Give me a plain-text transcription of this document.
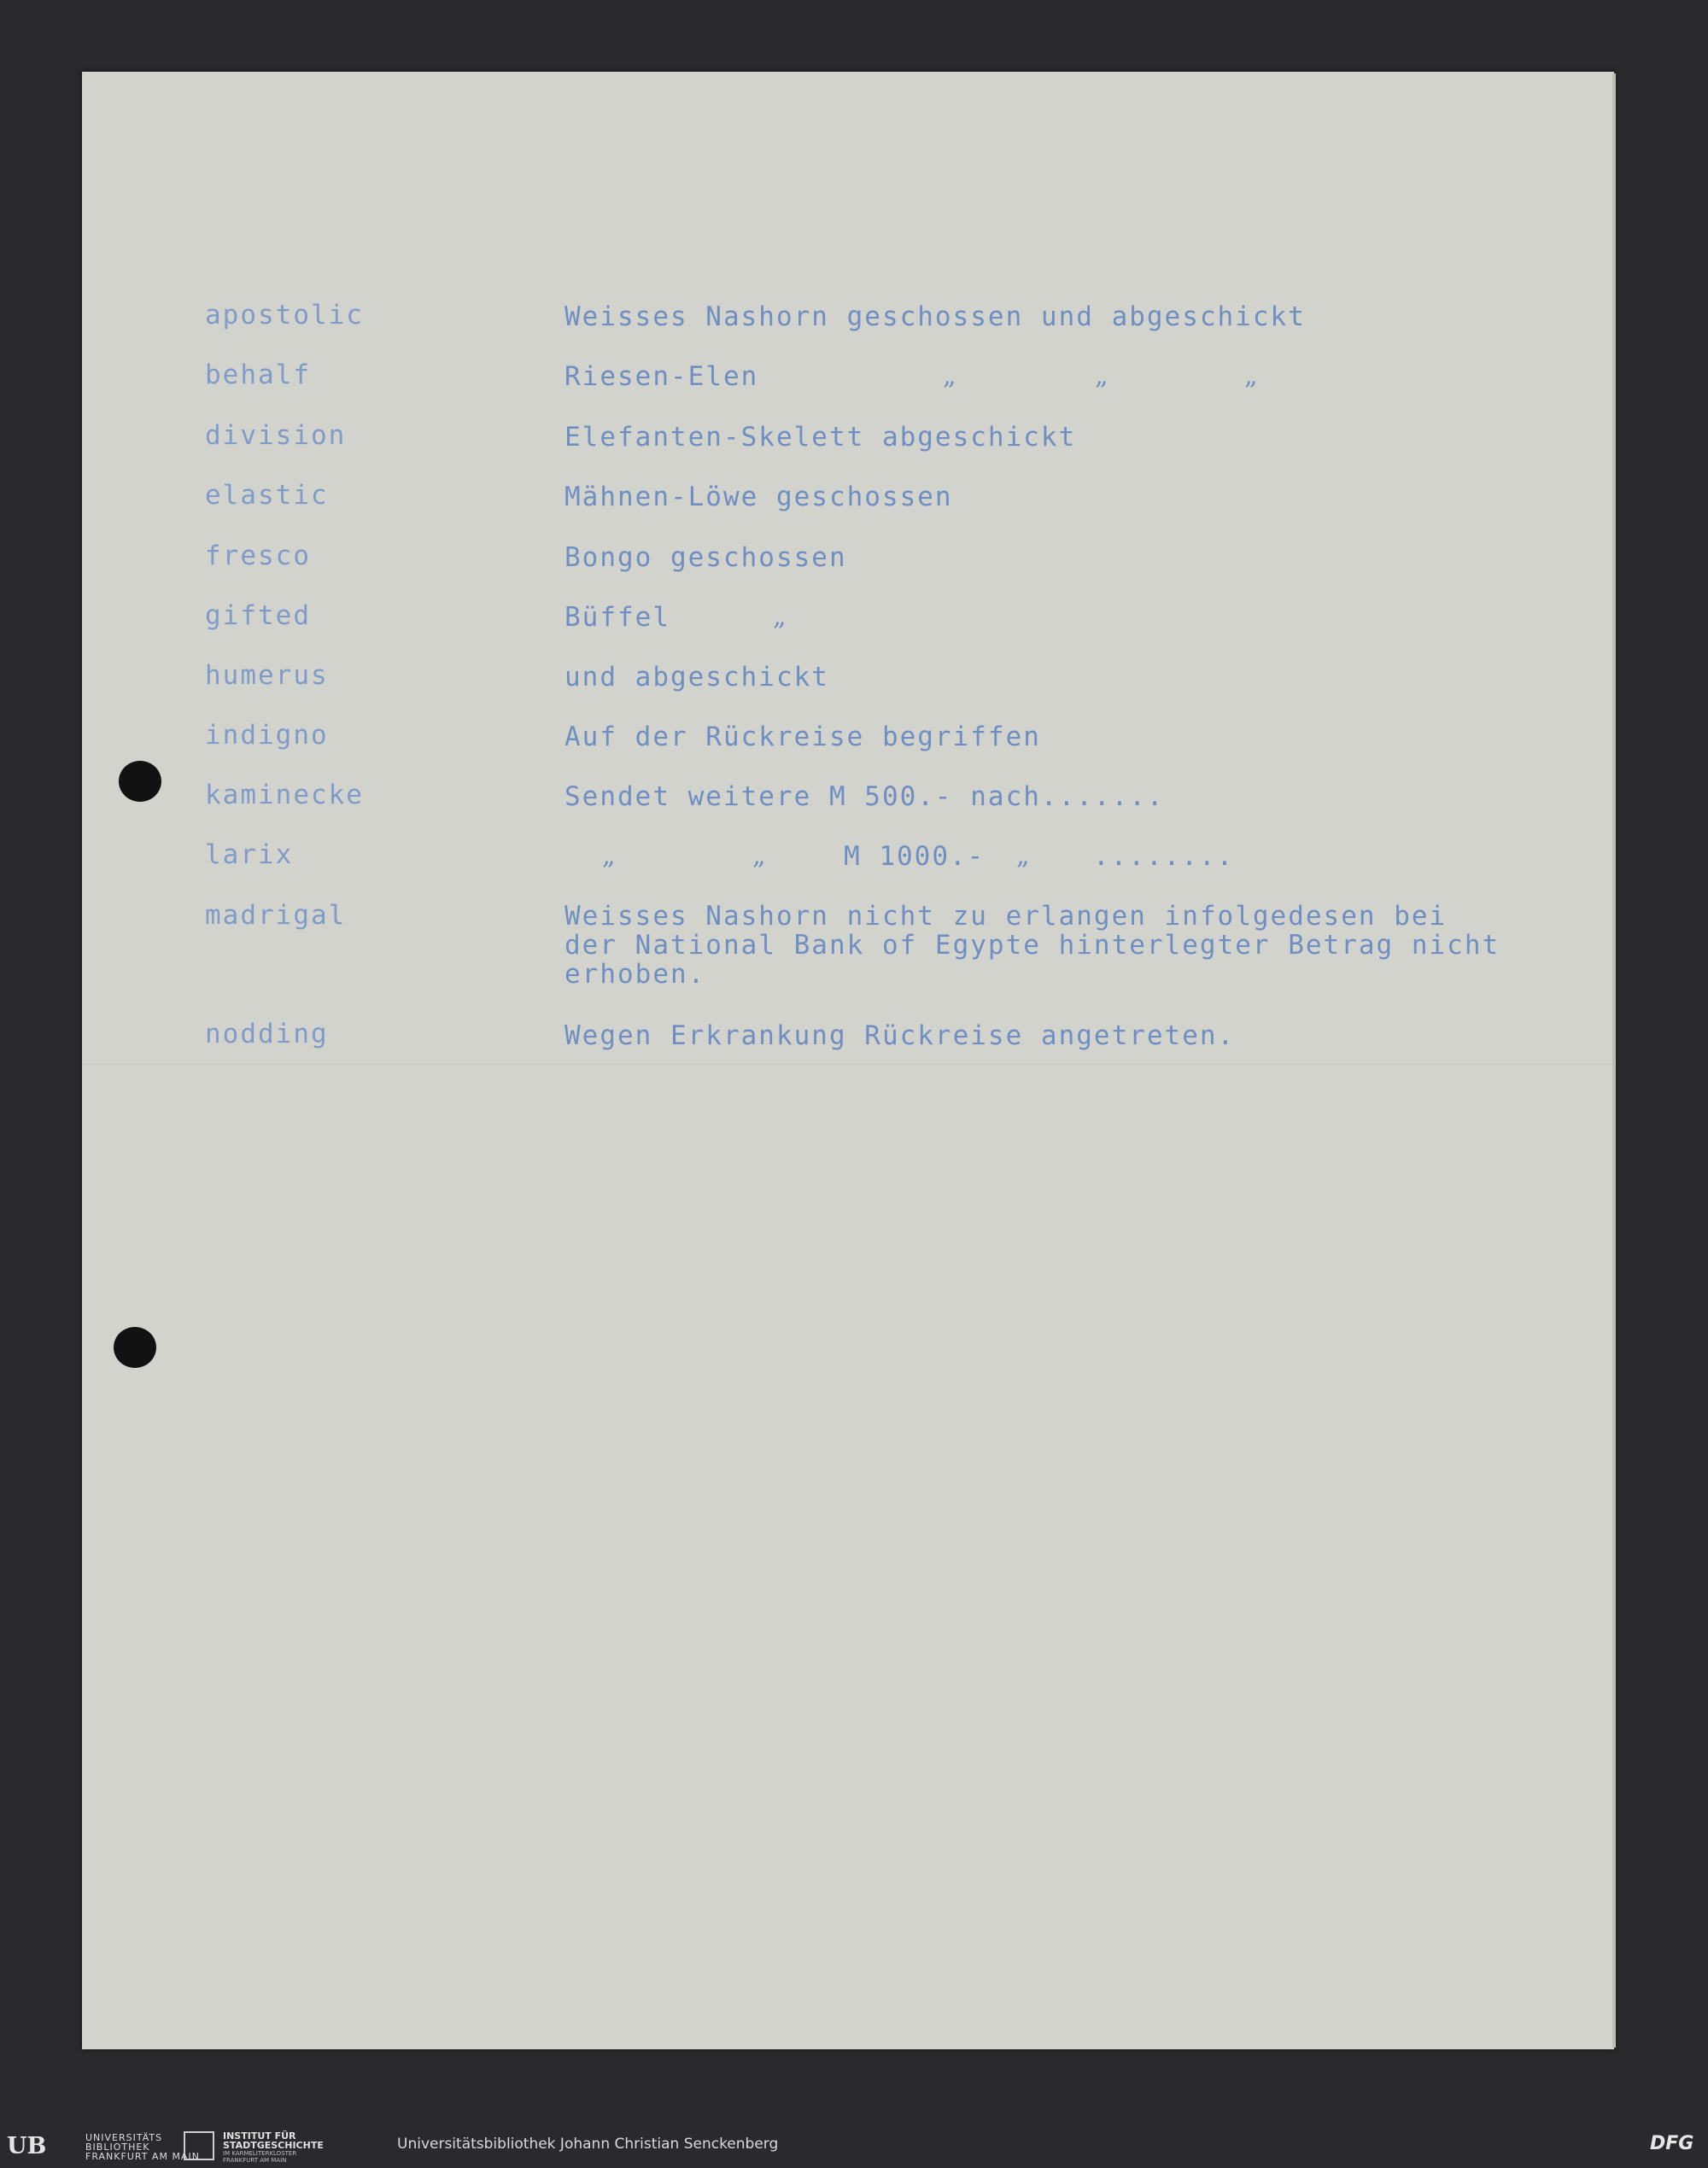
apostolic	Weisses Nashorn geschossen und abgeschickt
behalf	Riesen-Elen	„	„	„
division	Elefanten-Skelett abgeschickt
elastic	Mähnen-Löwe geschossen
fresco	Bongo geschossen
gifted	Büffel	„
humerus	und abgeschickt
indigno	Auf der Rückreise begriffen
kaminecke	Sendet weitere M 500.- nach.......
larix	„	„	M 1000.- „ ........
madrigal	Weisses Nashorn nicht zu erlangen infolgedesen bei
der National Bank of Egypte hinterlegter Betrag nicht
erhoben.
nodding	Wegen Erkrankung Rückreise angetreten.
UB	UNIVERSITÄTS
BIBLIOTHEK
FRANKFURT AM MAIN
INSTITUT FÜR
STADTGESCHICHTE
IM KARMELITERKLOSTER
FRANKFURT AM MAIN
Universitätsbibliothek Johann Christian Senckenberg	DFG
